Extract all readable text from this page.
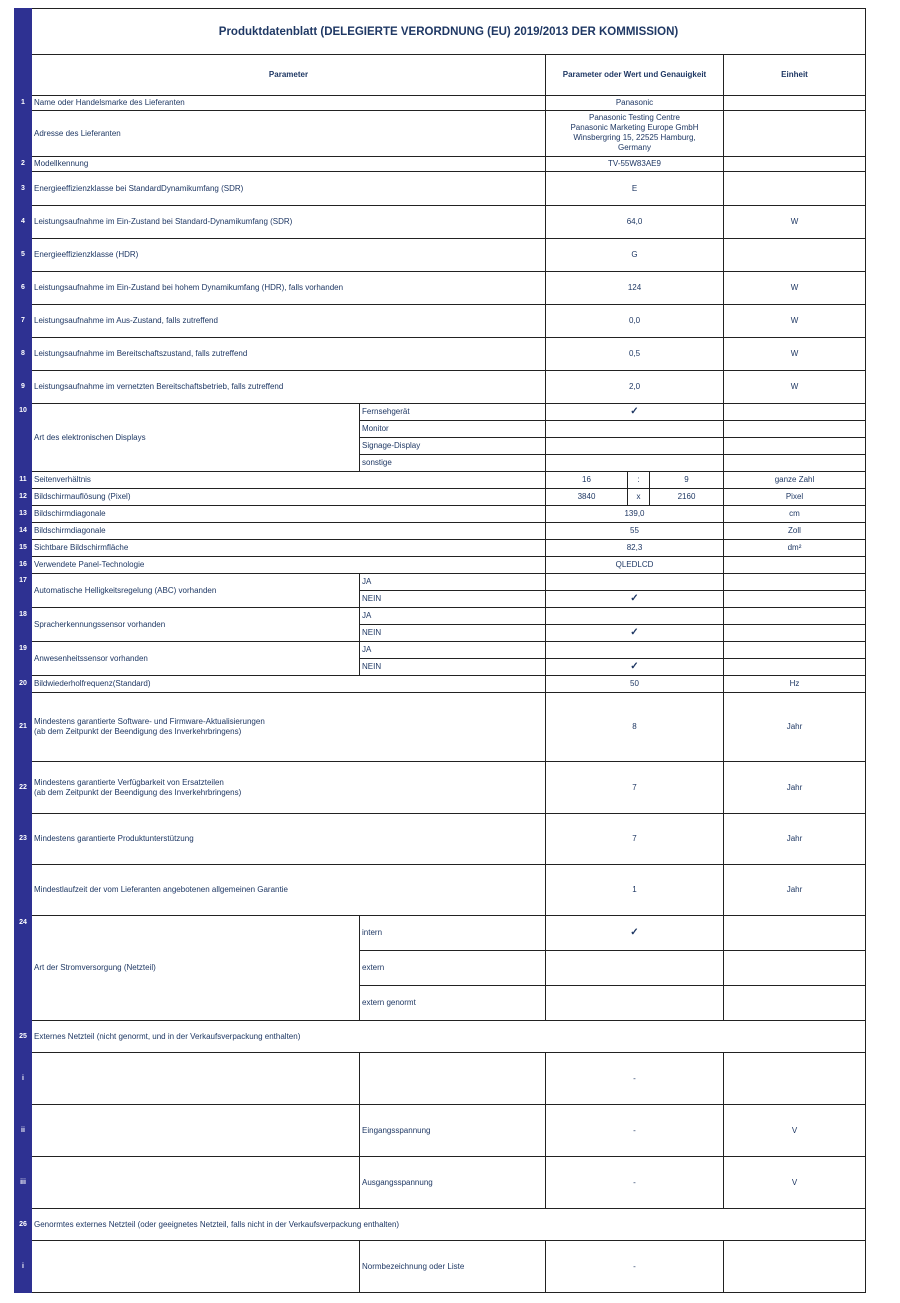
	Produktdatenblatt (DELEGIERTE VERORDNUNG (EU) 2019/2013 DER KOMMISSION)					
	Parameter		Parameter oder Wert und Genauigkeit			Einheit
1	Name oder Handelsmarke des Lieferanten		Panasonic			
	Adresse des Lieferanten		Panasonic Testing Centre
Panasonic Marketing Europe GmbH
Winsbergring 15, 22525 Hamburg,
Germany			
2	Modellkennung		TV-55W83AE9			
3	Energieeffizienzklasse bei StandardDynamikumfang (SDR)		E			
4	Leistungsaufnahme im Ein-Zustand bei Standard-Dynamikumfang (SDR)		64,0			W
5	Energieeffizienzklasse (HDR)		G			
6	Leistungsaufnahme im Ein-Zustand bei hohem Dynamikumfang (HDR), falls vorhanden		124			W
7	Leistungsaufnahme im Aus-Zustand, falls zutreffend		0,0			W
8	Leistungsaufnahme im Bereitschaftszustand, falls zutreffend		0,5			W
9	Leistungsaufnahme im vernetzten Bereitschaftsbetrieb, falls zutreffend		2,0			W
10	Art des elektronischen Displays	Fernsehgerät	✓			
		Monitor				
		Signage-Display				
		sonstige				
11	Seitenverhältnis		16	:	9	ganze Zahl
12	Bildschirmauflösung (Pixel)		3840	x	2160	Pixel
13	Bildschirmdiagonale		139,0			cm
14	Bildschirmdiagonale		55			Zoll
15	Sichtbare Bildschirmfläche		82,3			dm²
16	Verwendete Panel-Technologie		QLEDLCD			
17	Automatische Helligkeitsregelung (ABC) vorhanden	JA				
		NEIN	✓			
18	Spracherkennungssensor vorhanden	JA				
		NEIN	✓			
19	Anwesenheitssensor vorhanden	JA				
		NEIN	✓			
20	Bildwiederholfrequenz(Standard)		50			Hz
21	Mindestens garantierte Software- und Firmware-Aktualisierungen
(ab dem Zeitpunkt der Beendigung des Inverkehrbringens)		8			Jahr
22	Mindestens garantierte Verfügbarkeit von Ersatzteilen
(ab dem Zeitpunkt der Beendigung des Inverkehrbringens)		7			Jahr
23	Mindestens garantierte Produktunterstützung		7			Jahr
	Mindestlaufzeit der vom Lieferanten angebotenen allgemeinen Garantie		1			Jahr
24	Art der Stromversorgung (Netzteil)	intern	✓			
		extern				
		extern genormt				
25	Externes Netzteil (nicht genormt, und in der Verkaufsverpackung enthalten)					
i			-			
ii		Eingangsspannung	-			V
iii		Ausgangsspannung	-			V
26	Genormtes externes Netzteil (oder geeignetes Netzteil, falls nicht in der Verkaufsverpackung enthalten)					
i		Normbezeichnung oder Liste	-			
